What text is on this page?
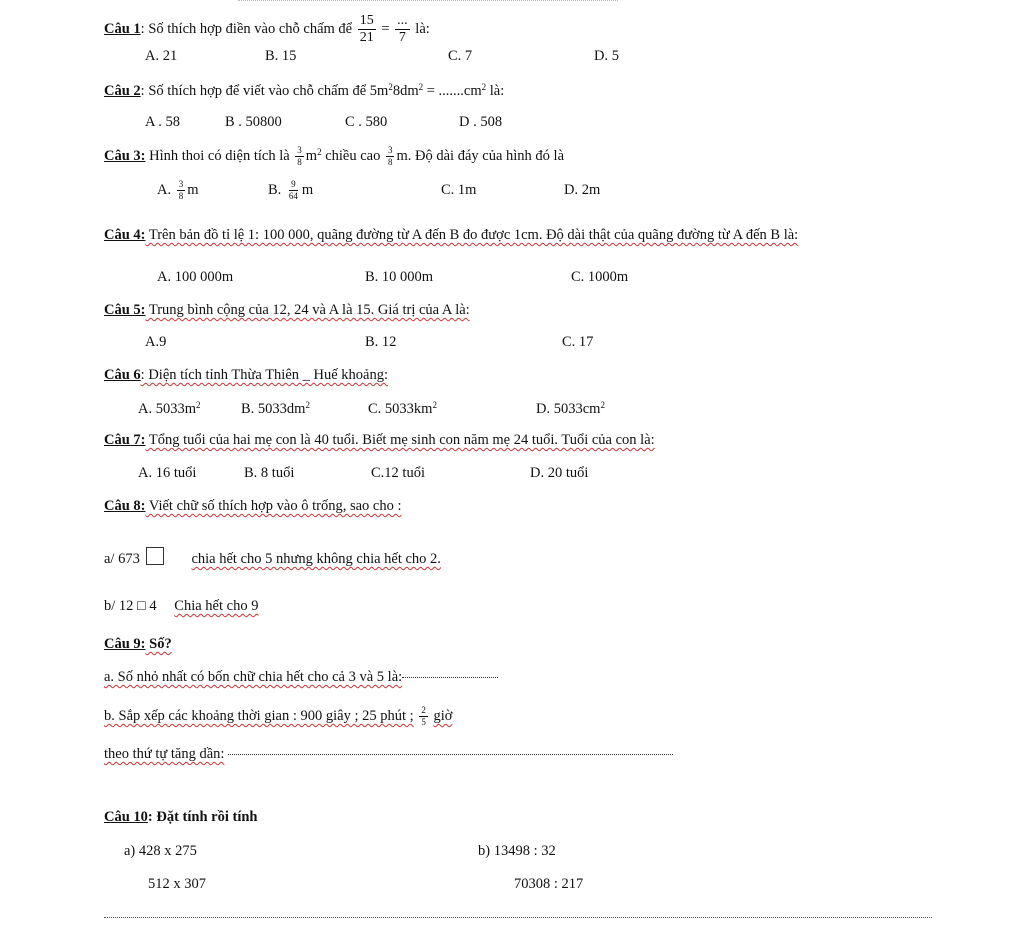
Câu 1: Số thích hợp điền vào chỗ chấm để $\frac{15}{21} = \frac{...}{7}$ là:
A. 21	B. 15	C. 7	D. 5
Câu 2: Số thích hợp để viết vào chỗ chấm để $5m^28dm^2 = .......cm^2$ là:
A . 58	B . 50800	C . 580	D . 508
Câu 3: Hình thoi có diện tích là $\frac{3}{8} m^2$ chiều cao $\frac{3}{8} m$. Độ dài đáy của hình đó là
A. $\frac{3}{8}$ m	B. $\frac{9}{64}$ m	C. 1m	D. 2m
Câu 4: Trên bản đồ tỉ lệ 1: 100 000, quãng đường từ A đến B đo được 1cm. Độ dài thật của quãng đường từ A đến B là:
A. 100 000m	B. 10 000m	C. 1000m
Câu 5: Trung bình cộng của 12, 24 và A là 15. Giá trị của A là:
A.9	B. 12	C. 17
Câu 6: Diện tích tỉnh Thừa Thiên _ Huế khoảng:
A. $5033m^2$	B. $5033dm^2$	C. $5033km^2$	D. $5033cm^2$
Câu 7: Tổng tuổi của hai mẹ con là 40 tuổi. Biết mẹ sinh con năm mẹ 24 tuổi. Tuổi của con là:
A. 16 tuổi	B. 8 tuổi	C.12 tuổi	D. 20 tuổi
Câu 8: Viết chữ số thích hợp vào ô trống, sao cho :
a/ 673	chia hết cho 5 nhưng không chia hết cho 2.
b/ 12 □ 4 Chia hết cho 9
Câu 9: Số?
a. Số nhỏ nhất có bốn chữ chia hết cho cả 3 và 5 là:
b. Sắp xếp các khoảng thời gian : 900 giây ; 25 phút ; $\frac{2}{5}$ giờ
theo thứ tự tăng dần:
Câu 10: Đặt tính rồi tính
a) 428 x 275
512 x 307
b) 13498 : 32
70308 : 217
